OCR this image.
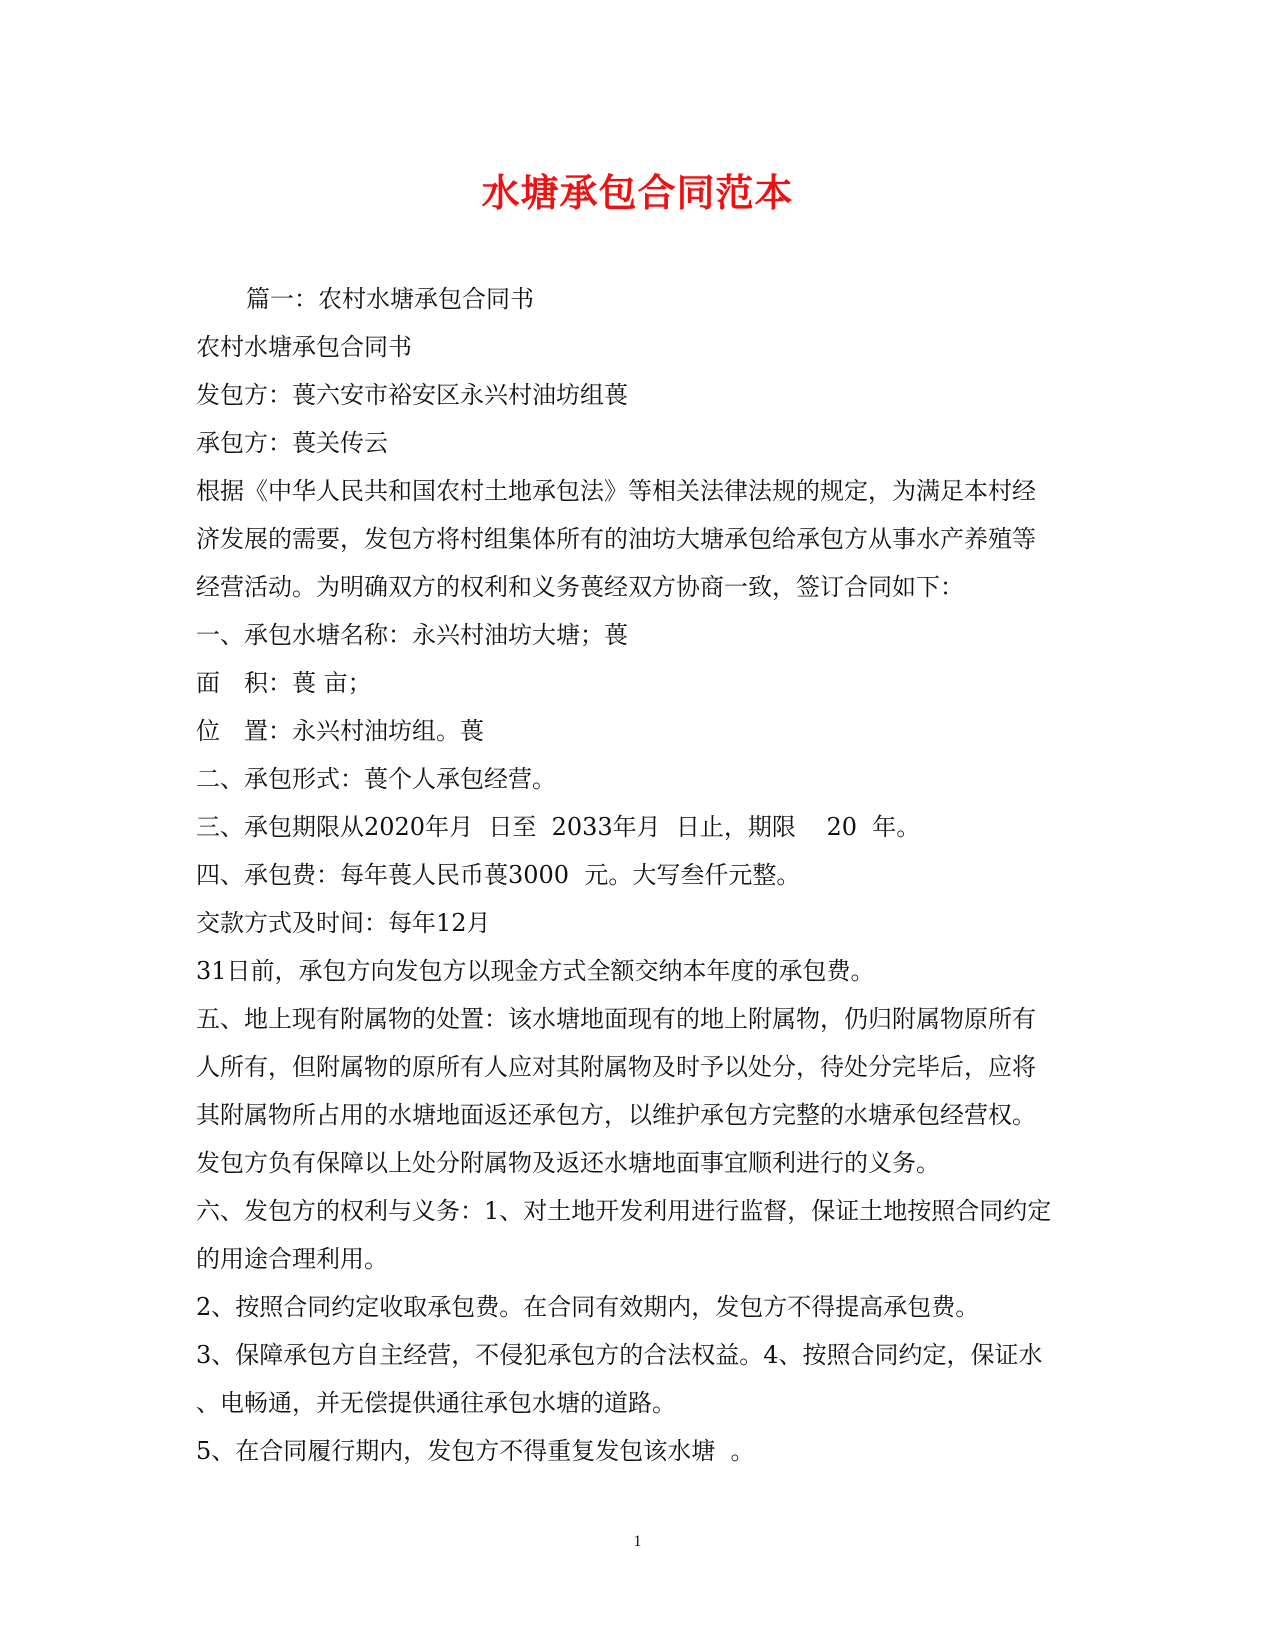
水塘承包合同范本
篇一：农村水塘承包合同书
农村水塘承包合同书
发包方：葨六安市裕安区永兴村油坊组葨
承包方：葨关传云
根据《中华人民共和国农村土地承包法》等相关法律法规的规定，为满足本村经
济发展的需要，发包方将村组集体所有的油坊大塘承包给承包方从事水产养殖等
经营活动。为明确双方的权利和义务葨经双方协商一致，签订合同如下：
一、承包水塘名称：永兴村油坊大塘；葨
面　积：葨 亩；
位　置：永兴村油坊组。葨
二、承包形式：葨个人承包经营。
三、承包期限从2020年月  日至  2033年月  日止，期限    20  年。
四、承包费：每年葨人民币葨3000  元。大写叁仟元整。
交款方式及时间：每年12月
31日前，承包方向发包方以现金方式全额交纳本年度的承包费。
五、地上现有附属物的处置：该水塘地面现有的地上附属物，仍归附属物原所有
人所有，但附属物的原所有人应对其附属物及时予以处分，待处分完毕后，应将
其附属物所占用的水塘地面返还承包方，以维护承包方完整的水塘承包经营权。
发包方负有保障以上处分附属物及返还水塘地面事宜顺利进行的义务。
六、发包方的权利与义务：1、对土地开发利用进行监督，保证土地按照合同约定
的用途合理利用。
2、按照合同约定收取承包费。在合同有效期内，发包方不得提高承包费。
3、保障承包方自主经营，不侵犯承包方的合法权益。4、按照合同约定，保证水
、电畅通，并无偿提供通往承包水塘的道路。
5、在合同履行期内，发包方不得重复发包该水塘  。
1
